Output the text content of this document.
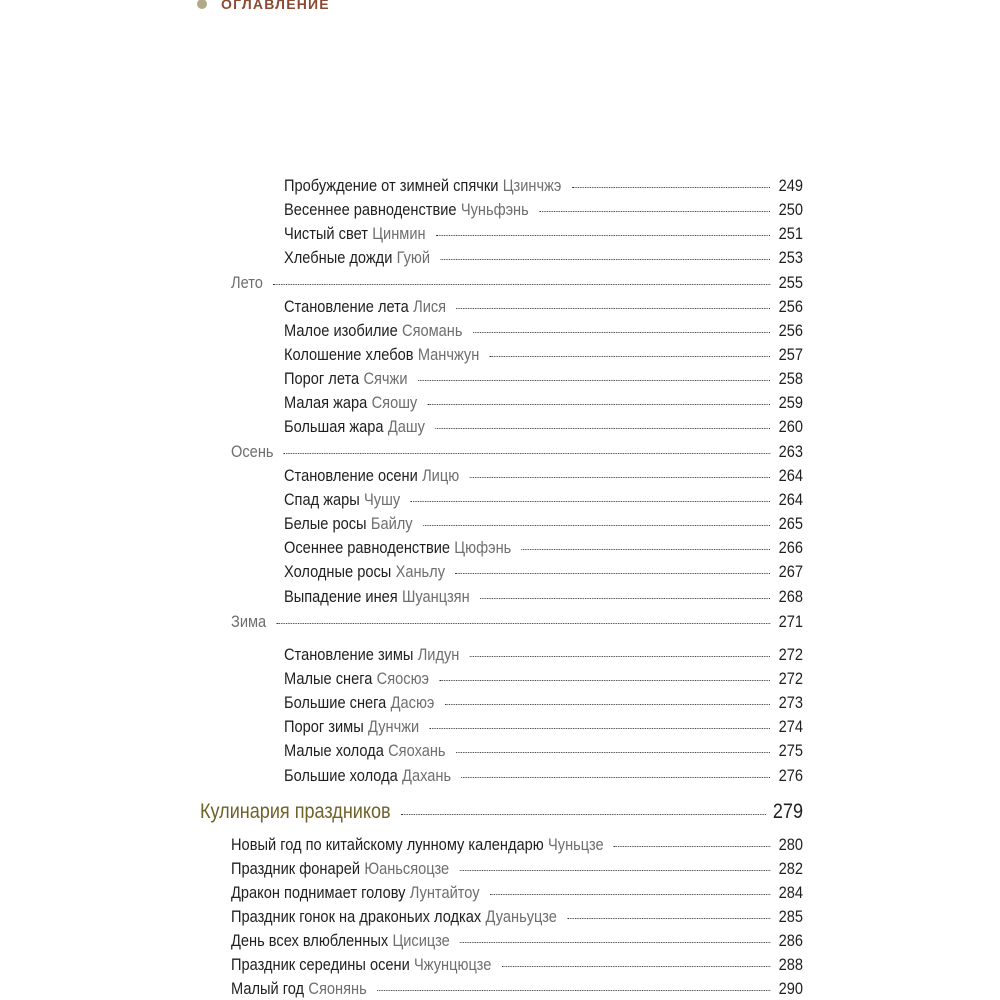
ОГЛАВЛЕНИЕ
Пробуждение от зимней спячки Цзинчжэ	249
Весеннее равноденствие Чуньфэнь	250
Чистый свет Цинмин	251
Хлебные дожди Гуюй	253
Лето	255
Становление лета Лися	256
Малое изобилие Сяомань	256
Колошение хлебов Манчжун	257
Порог лета Сячжи	258
Малая жара Сяошу	259
Большая жара Дашу	260
Осень	263
Становление осени Лицю	264
Спад жары Чушу	264
Белые росы Байлу	265
Осеннее равноденствие Цюфэнь	266
Холодные росы Ханьлу	267
Выпадение инея Шуанцзян	268
Зима	271
Становление зимы Лидун	272
Малые снега Сяосюэ	272
Большие снега Дасюэ	273
Порог зимы Дунчжи	274
Малые холода Сяохань	275
Большие холода Дахань	276
Кулинария праздников	279
Новый год по китайскому лунному календарю Чуньцзе	280
Праздник фонарей Юаньсяоцзе	282
Дракон поднимает голову Лунтайтоу	284
Праздник гонок на драконьих лодках Дуаньуцзе	285
День всех влюбленных Цисицзе	286
Праздник середины осени Чжунцюцзе	288
Малый год Сяонянь	290
